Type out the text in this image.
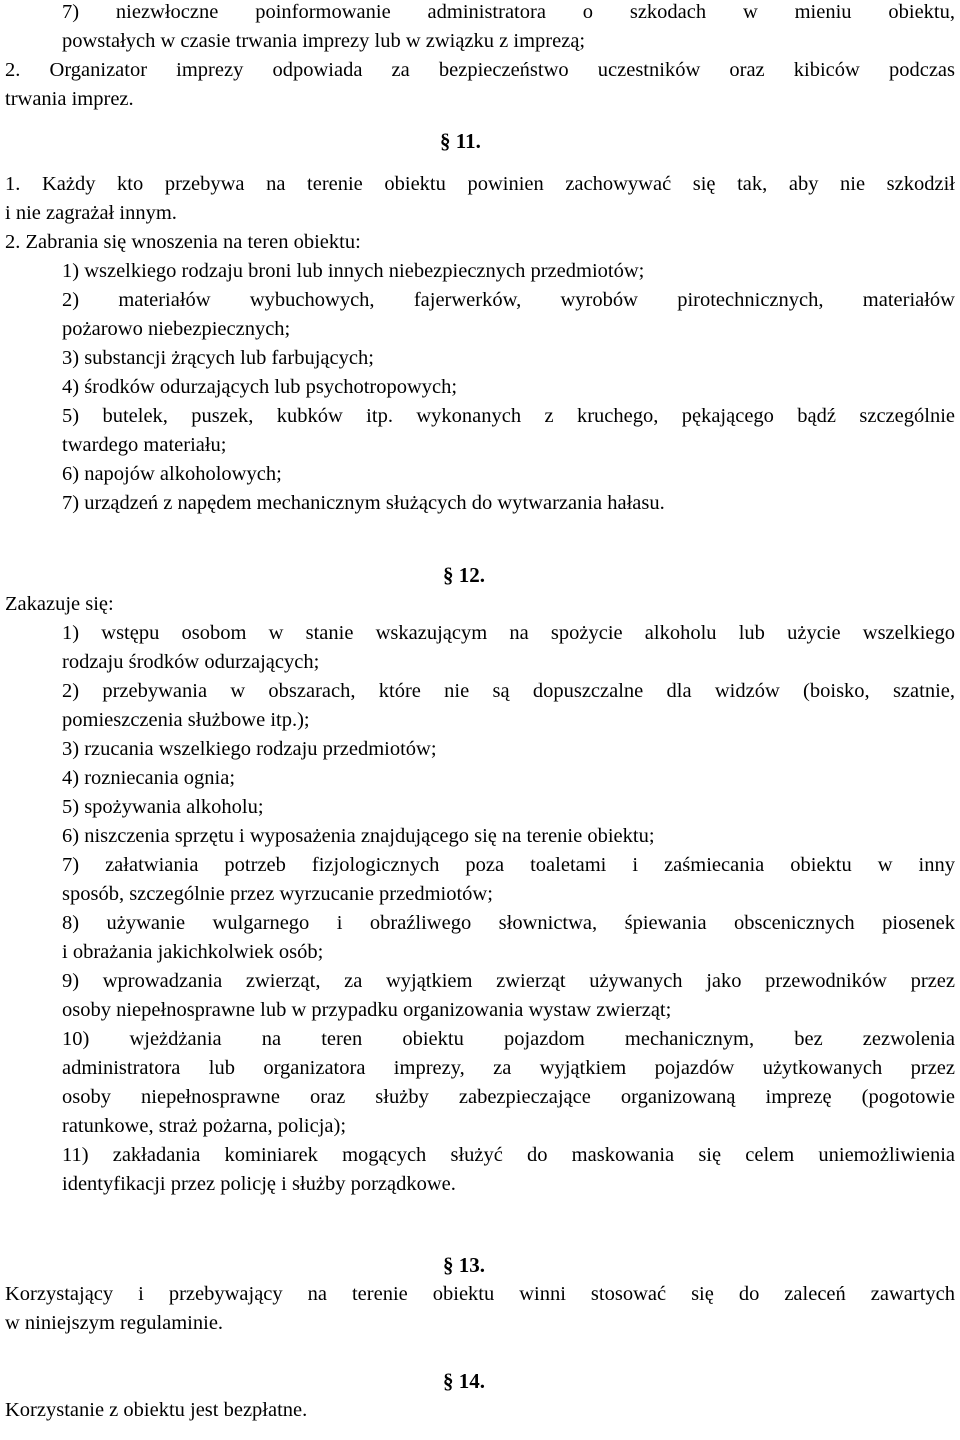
7) niezwłoczne poinformowanie administratora o szkodach w mieniu obiektu,
powstałych w czasie trwania imprezy lub w związku z imprezą;
2. Organizator imprezy odpowiada za bezpieczeństwo uczestników oraz kibiców podczas
trwania imprez.
§ 11.
1. Każdy kto przebywa na terenie obiektu powinien zachowywać się tak, aby nie szkodził
i nie zagrażał innym.
2. Zabrania się wnoszenia na teren obiektu:
1) wszelkiego rodzaju broni lub innych niebezpiecznych przedmiotów;
2) materiałów wybuchowych, fajerwerków, wyrobów pirotechnicznych, materiałów
pożarowo niebezpiecznych;
3) substancji żrących lub farbujących;
4) środków odurzających lub psychotropowych;
5) butelek, puszek, kubków itp. wykonanych z kruchego, pękającego bądź szczególnie
twardego materiału;
6) napojów alkoholowych;
7) urządzeń z napędem mechanicznym służących do wytwarzania hałasu.
§ 12.
Zakazuje się:
1) wstępu osobom w stanie wskazującym na spożycie alkoholu lub użycie wszelkiego
rodzaju środków odurzających;
2) przebywania w obszarach, które nie są dopuszczalne dla widzów (boisko, szatnie,
pomieszczenia służbowe itp.);
3) rzucania wszelkiego rodzaju przedmiotów;
4) rozniecania ognia;
5) spożywania alkoholu;
6) niszczenia sprzętu i wyposażenia znajdującego się na terenie obiektu;
7) załatwiania potrzeb fizjologicznych poza toaletami i zaśmiecania obiektu w inny
sposób, szczególnie przez wyrzucanie przedmiotów;
8) używanie wulgarnego i obraźliwego słownictwa, śpiewania obscenicznych piosenek
i obrażania jakichkolwiek osób;
9) wprowadzania zwierząt, za wyjątkiem zwierząt używanych jako przewodników przez
osoby niepełnosprawne lub w przypadku organizowania wystaw zwierząt;
10) wjeżdżania na teren obiektu pojazdom mechanicznym, bez zezwolenia
administratora lub organizatora imprezy, za wyjątkiem pojazdów użytkowanych przez
osoby niepełnosprawne oraz służby zabezpieczające organizowaną imprezę (pogotowie
ratunkowe, straż pożarna, policja);
11) zakładania kominiarek mogących służyć do maskowania się celem uniemożliwienia
identyfikacji przez policję i służby porządkowe.
§ 13.
Korzystający i przebywający na terenie obiektu winni stosować się do zaleceń zawartych
w niniejszym regulaminie.
§ 14.
Korzystanie z obiektu jest bezpłatne.
